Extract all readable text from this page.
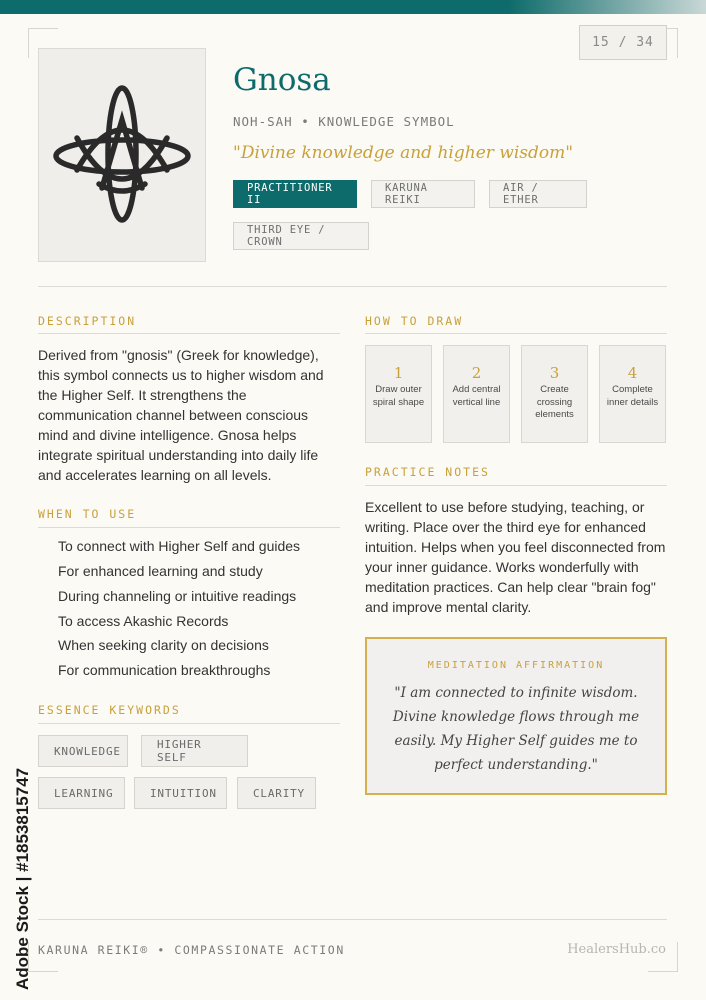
15 / 34
Gnosa
NOH-SAH • KNOWLEDGE SYMBOL
"Divine knowledge and higher wisdom"
PRACTITIONER II
KARUNA REIKI
AIR / ETHER
THIRD EYE / CROWN
DESCRIPTION

Derived from "gnosis" (Greek for knowledge), this symbol connects us to higher wisdom and the Higher Self. It strengthens the communication channel between conscious mind and divine intelligence. Gnosa helps integrate spiritual understanding into daily life and accelerates learning on all levels.

WHEN TO USE
To connect with Higher Self and guides
For enhanced learning and study
During channeling or intuitive readings
To access Akashic Records
When seeking clarity on decisions
For communication breakthroughs
ESSENCE KEYWORDS
KNOWLEDGE	HIGHER SELF
LEARNING	INTUITION	CLARITY
HOW TO DRAW
1
Draw outer spiral shape
2
Add central vertical line
3
Create crossing elements
4
Complete inner details
PRACTICE NOTES

Excellent to use before studying, teaching, or writing. Place over the third eye for enhanced intuition. Helps when you feel disconnected from your inner guidance. Works wonderfully with meditation practices. Can help clear "brain fog" and improve mental clarity.

MEDITATION AFFIRMATION
"I am connected to infinite wisdom. Divine knowledge flows through me easily. My Higher Self guides me to perfect understanding."
KARUNA REIKI® • COMPASSIONATE ACTION	HealersHub.co
Adobe Stock | #1853815747
